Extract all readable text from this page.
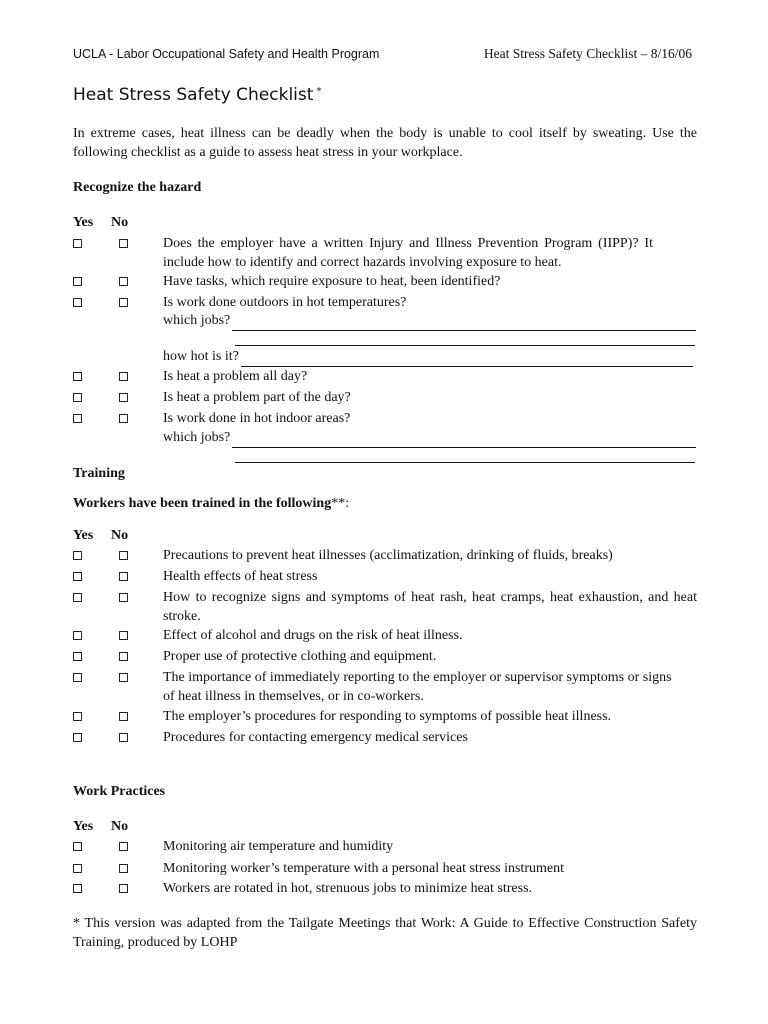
UCLA - Labor Occupational Safety and Health Program	Heat Stress Safety Checklist – 8/16/06
Heat Stress Safety Checklist *
In extreme cases, heat illness can be deadly when the body is unable to cool itself by sweating. Use the following checklist as a guide to assess heat stress in your workplace.
Recognize the hazard
Yes No
Does the employer have a written Injury and Illness Prevention Program (IIPP)? It include how to identify and correct hazards involving exposure to heat.
Have tasks, which require exposure to heat, been identified?
Is work done outdoors in hot temperatures?
which jobs?
how hot is it?
Is heat a problem all day?
Is heat a problem part of the day?
Is work done in hot indoor areas?
which jobs?
Training
Workers have been trained in the following**:
Yes No
Precautions to prevent heat illnesses (acclimatization, drinking of fluids, breaks)
Health effects of heat stress
How to recognize signs and symptoms of heat rash, heat cramps, heat exhaustion, and heat stroke.
Effect of alcohol and drugs on the risk of heat illness.
Proper use of protective clothing and equipment.
The importance of immediately reporting to the employer or supervisor symptoms or signs of heat illness in themselves, or in co-workers.
The employer’s procedures for responding to symptoms of possible heat illness.
Procedures for contacting emergency medical services
Work Practices
Yes No
Monitoring air temperature and humidity
Monitoring worker’s temperature with a personal heat stress instrument
Workers are rotated in hot, strenuous jobs to minimize heat stress.
* This version was adapted from the Tailgate Meetings that Work: A Guide to Effective Construction Safety Training, produced by LOHP
